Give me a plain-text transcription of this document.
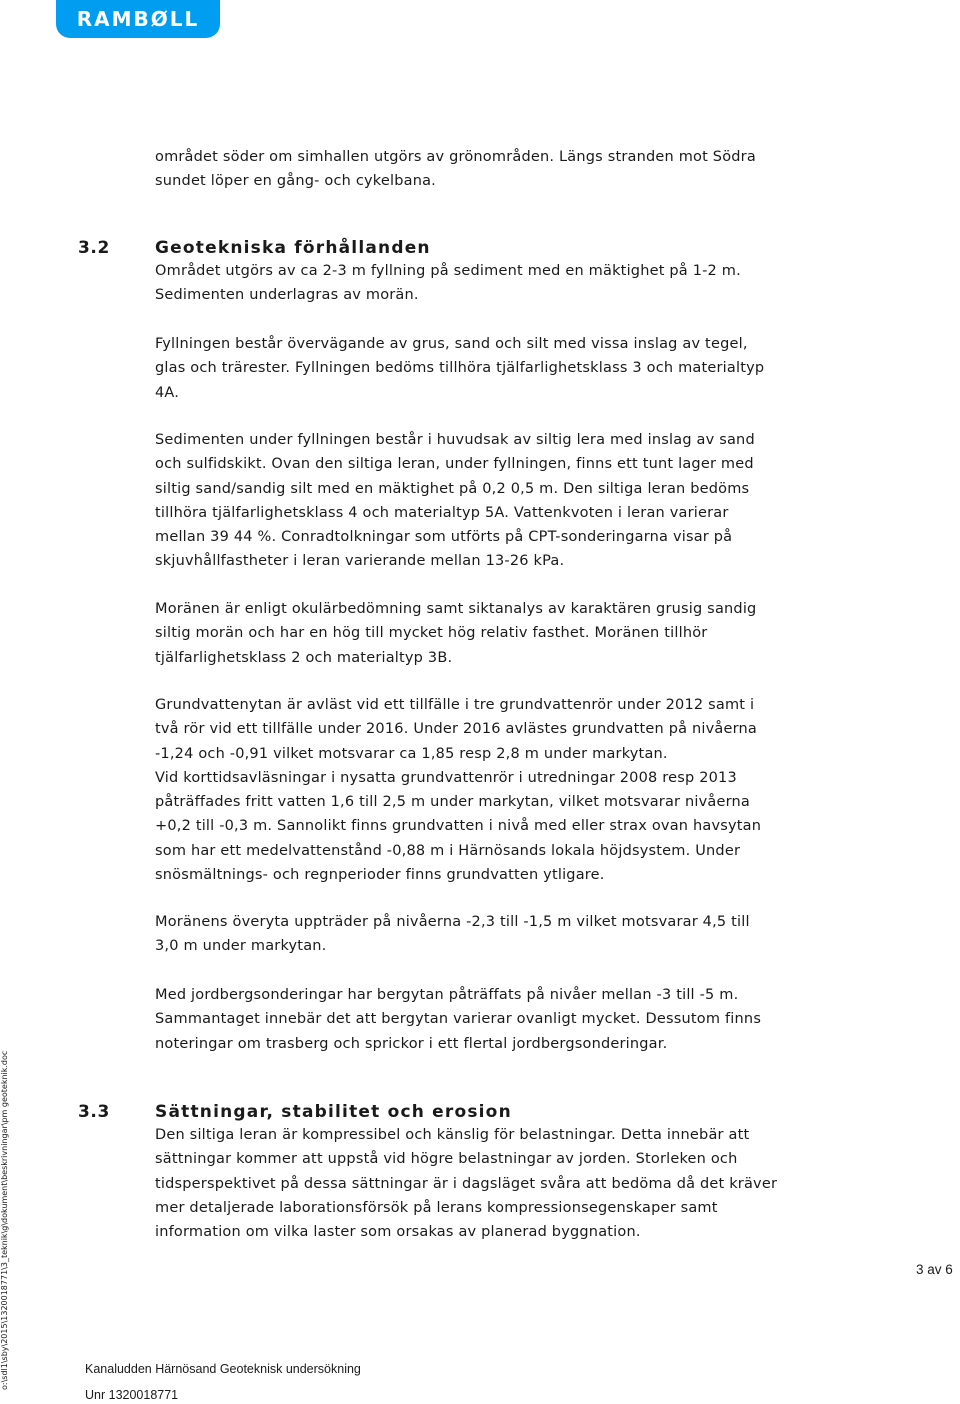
RAMBØLL

området söder om simhallen utgörs av grönområden. Längs stranden mot Södra
sundet löper en gång- och cykelbana.

3.2	Geotekniska förhållanden

Området utgörs av ca 2-3 m fyllning på sediment med en mäktighet på 1-2 m.
Sedimenten underlagras av morän.

Fyllningen består övervägande av grus, sand och silt med vissa inslag av tegel,
glas och trärester. Fyllningen bedöms tillhöra tjälfarlighetsklass 3 och materialtyp
4A.

Sedimenten under fyllningen består i huvudsak av siltig lera med inslag av sand
och sulfidskikt. Ovan den siltiga leran, under fyllningen, finns ett tunt lager med
siltig sand/sandig silt med en mäktighet på 0,2 0,5 m. Den siltiga leran bedöms
tillhöra tjälfarlighetsklass 4 och materialtyp 5A. Vattenkvoten i leran varierar
mellan 39 44 %. Conradtolkningar som utförts på CPT-sonderingarna visar på
skjuvhållfastheter i leran varierande mellan 13-26 kPa.

Moränen är enligt okulärbedömning samt siktanalys av karaktären grusig sandig
siltig morän och har en hög till mycket hög relativ fasthet. Moränen tillhör
tjälfarlighetsklass 2 och materialtyp 3B.

Grundvattenytan är avläst vid ett tillfälle i tre grundvattenrör under 2012 samt i
två rör vid ett tillfälle under 2016. Under 2016 avlästes grundvatten på nivåerna
-1,24 och -0,91 vilket motsvarar ca 1,85 resp 2,8 m under markytan.
Vid korttidsavläsningar i nysatta grundvattenrör i utredningar 2008 resp 2013
påträffades fritt vatten 1,6 till 2,5 m under markytan, vilket motsvarar nivåerna
+0,2 till -0,3 m. Sannolikt finns grundvatten i nivå med eller strax ovan havsytan
som har ett medelvattenstånd -0,88 m i Härnösands lokala höjdsystem. Under
snösmältnings- och regnperioder finns grundvatten ytligare.

Moränens överyta uppträder på nivåerna -2,3 till -1,5 m vilket motsvarar 4,5 till
3,0 m under markytan.

Med jordbergsonderingar har bergytan påträffats på nivåer mellan -3 till -5 m.
Sammantaget innebär det att bergytan varierar ovanligt mycket. Dessutom finns
noteringar om trasberg och sprickor i ett flertal jordbergsonderingar.

3.3	Sättningar, stabilitet och erosion

Den siltiga leran är kompressibel och känslig för belastningar. Detta innebär att
sättningar kommer att uppstå vid högre belastningar av jorden. Storleken och
tidsperspektivet på dessa sättningar är i dagsläget svåra att bedöma då det kräver
mer detaljerade laborationsförsök på lerans kompressionsegenskaper samt
information om vilka laster som orsakas av planerad byggnation.

o:\sdl1\sby\2015\1320018771\3_teknik\g\dokument\beskrivningar\pm geoteknik.doc	3 av 6
Kanaludden Härnösand Geoteknisk undersökning
Unr 1320018771
